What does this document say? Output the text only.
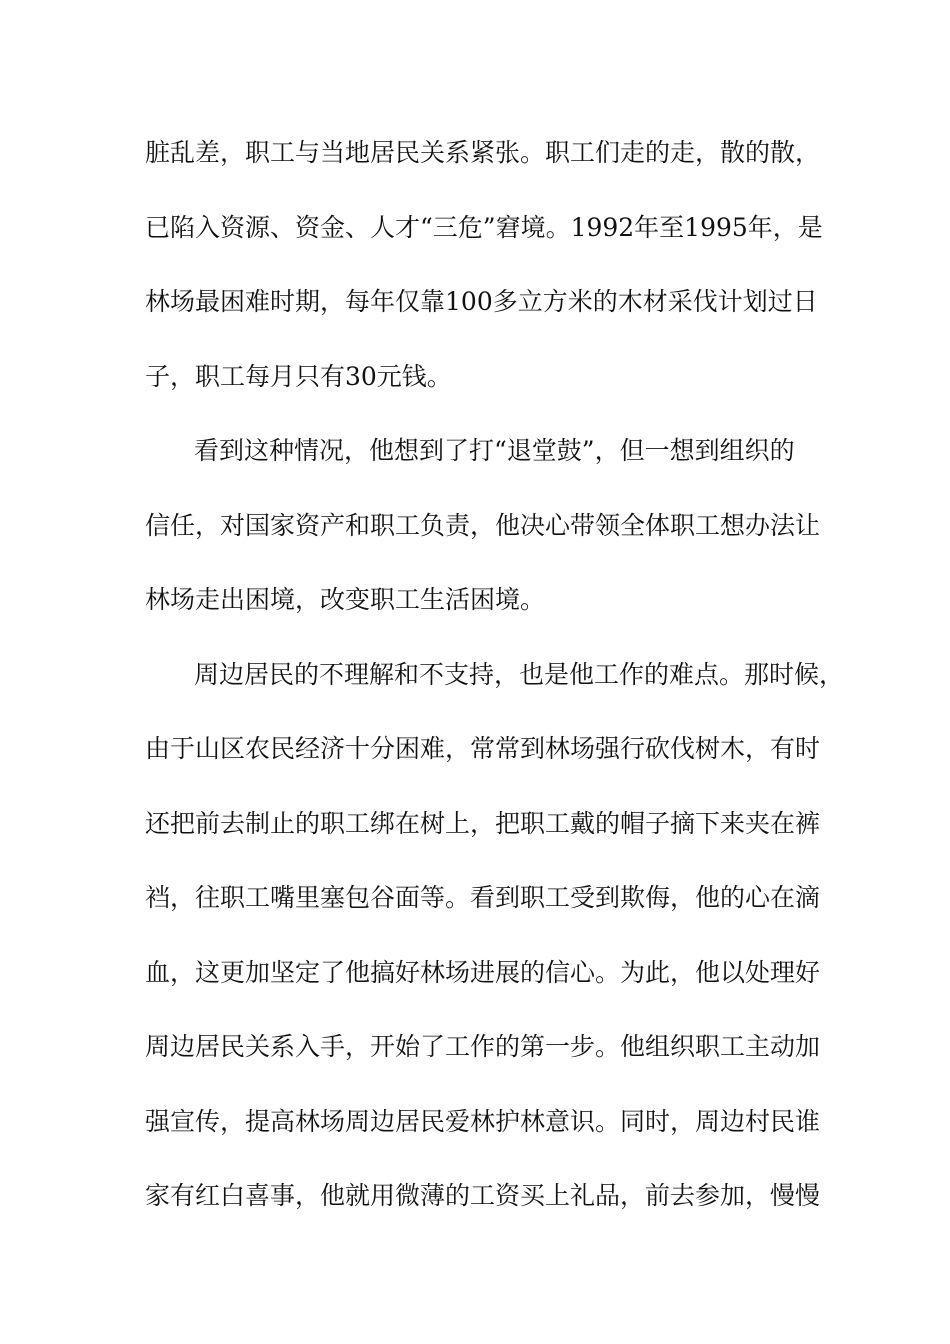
脏乱差，职工与当地居民关系紧张。职工们走的走，散的散，
已陷入资源、资金、人才“三危”窘境。1992年至1995年，是
林场最困难时期，每年仅靠100多立方米的木材采伐计划过日
子，职工每月只有30元钱。
看到这种情况，他想到了打“退堂鼓”，但一想到组织的
信任，对国家资产和职工负责，他决心带领全体职工想办法让
林场走出困境，改变职工生活困境。
周边居民的不理解和不支持，也是他工作的难点。那时候，
由于山区农民经济十分困难，常常到林场强行砍伐树木，有时
还把前去制止的职工绑在树上，把职工戴的帽子摘下来夹在裤
裆，往职工嘴里塞包谷面等。看到职工受到欺侮，他的心在滴
血，这更加坚定了他搞好林场进展的信心。为此，他以处理好
周边居民关系入手，开始了工作的第一步。他组织职工主动加
强宣传，提高林场周边居民爱林护林意识。同时，周边村民谁
家有红白喜事，他就用微薄的工资买上礼品，前去参加，慢慢
